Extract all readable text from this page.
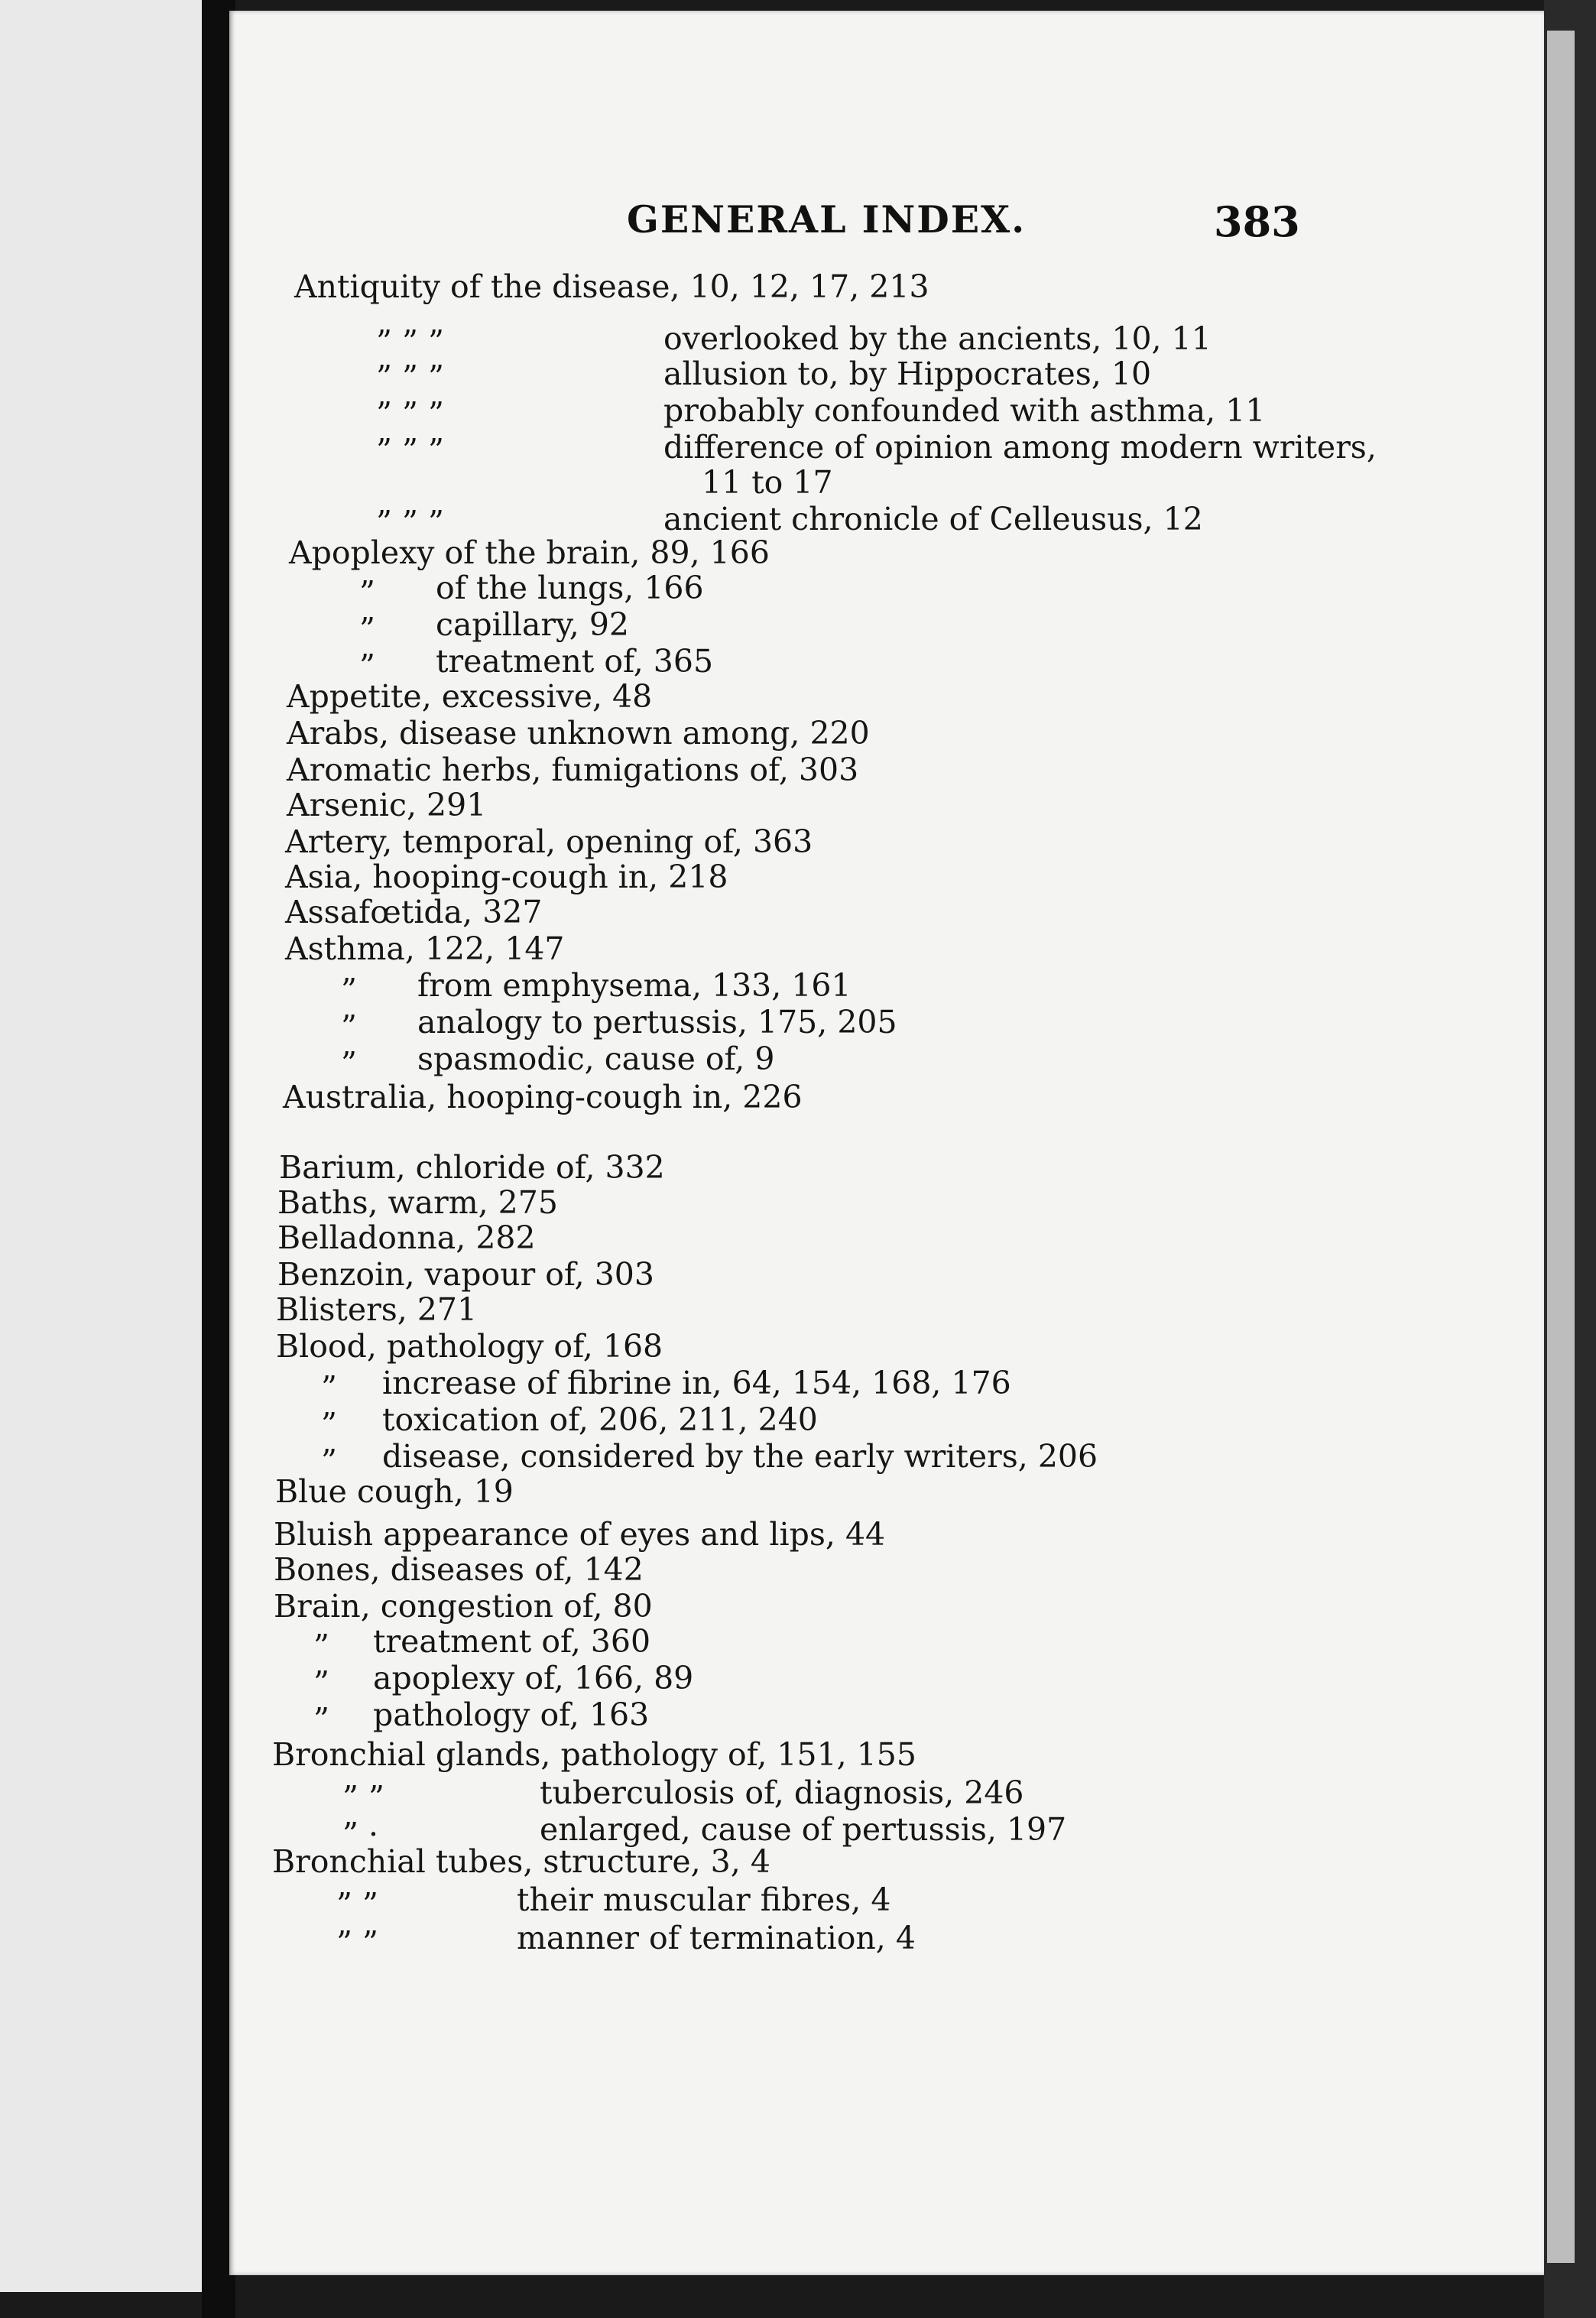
GENERAL INDEX.	383
Antiquity of the disease, 10, 12, 17, 213
” ” ”	overlooked by the ancients, 10, 11
” ” ”	allusion to, by Hippocrates, 10
” ” ”	probably confounded with asthma, 11
” ” ”	difference of opinion among modern writers,
11 to 17
” ” ”	ancient chronicle of Celleusus, 12
Apoplexy of the brain, 89, 166
” of the lungs, 166
” capillary, 92
” treatment of, 365
Appetite, excessive, 48
Arabs, disease unknown among, 220
Aromatic herbs, fumigations of, 303
Arsenic, 291
Artery, temporal, opening of, 363
Asia, hooping-cough in, 218
Assafœtida, 327
Asthma, 122, 147
” from emphysema, 133, 161
” analogy to pertussis, 175, 205
” spasmodic, cause of, 9
Australia, hooping-cough in, 226
Barium, chloride of, 332
Baths, warm, 275
Belladonna, 282
Benzoin, vapour of, 303
Blisters, 271
Blood, pathology of, 168
” increase of fibrine in, 64, 154, 168, 176
” toxication of, 206, 211, 240
” disease, considered by the early writers, 206
Blue cough, 19
Bluish appearance of eyes and lips, 44
Bones, diseases of, 142
Brain, congestion of, 80
” treatment of, 360
” apoplexy of, 166, 89
” pathology of, 163
Bronchial glands, pathology of, 151, 155
” ”	tuberculosis of, diagnosis, 246
” ·	enlarged, cause of pertussis, 197
Bronchial tubes, structure, 3, 4
” ”	their muscular fibres, 4
” ”	manner of termination, 4
